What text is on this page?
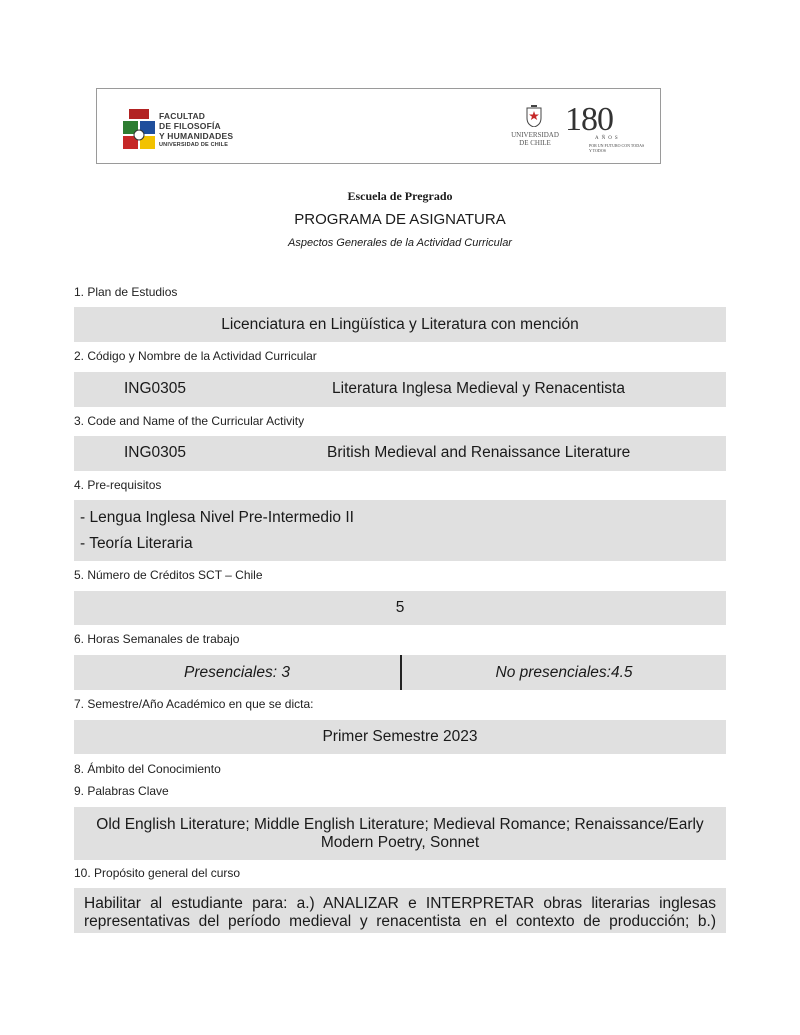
FACULTAD
DE FILOSOFÍA
Y HUMANIDADES
UNIVERSIDAD DE CHILE
UNIVERSIDAD
DE CHILE
180
AÑOS
POR UN FUTURO CON TODAS Y TODOS
Escuela de Pregrado
PROGRAMA DE ASIGNATURA
Aspectos Generales de la Actividad Curricular
1. Plan de Estudios
Licenciatura en Lingüística y Literatura con mención
2. Código y Nombre de la Actividad Curricular
ING0305	Literatura Inglesa Medieval y Renacentista
3. Code and Name of the Curricular Activity
ING0305	British Medieval and Renaissance Literature
4. Pre-requisitos
- Lengua Inglesa Nivel Pre-Intermedio II
- Teoría Literaria
5. Número de Créditos SCT – Chile
5
6. Horas Semanales de trabajo
Presenciales: 3	No presenciales:4.5
7. Semestre/Año Académico en que se dicta:
Primer Semestre 2023
8. Ámbito del Conocimiento
9. Palabras Clave
Old English Literature; Middle English Literature; Medieval Romance; Renaissance/Early
Modern Poetry, Sonnet
10. Propósito general del curso
Habilitar al estudiante para: a.) ANALIZAR e INTERPRETAR obras literarias inglesas
representativas del período medieval y renacentista en el contexto de producción; b.)
